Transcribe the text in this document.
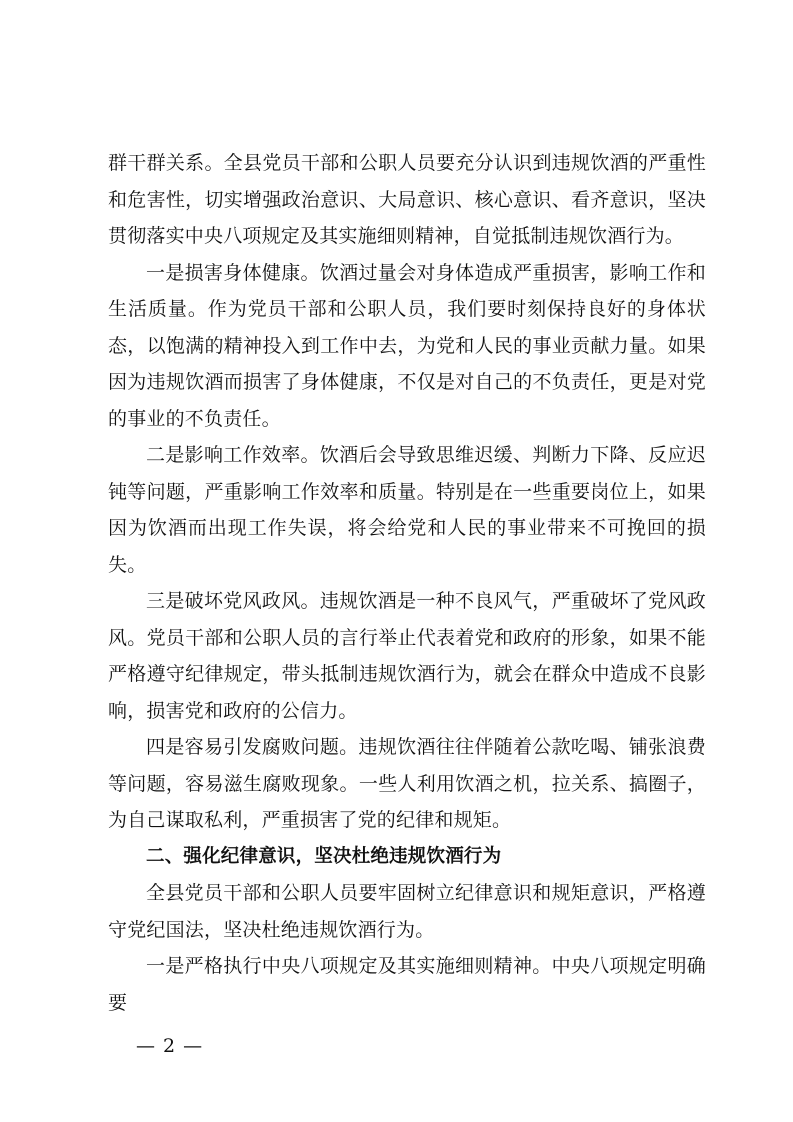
群干群关系。全县党员干部和公职人员要充分认识到违规饮酒的严重性和危害性，切实增强政治意识、大局意识、核心意识、看齐意识，坚决贯彻落实中央八项规定及其实施细则精神，自觉抵制违规饮酒行为。

一是损害身体健康。饮酒过量会对身体造成严重损害，影响工作和生活质量。作为党员干部和公职人员，我们要时刻保持良好的身体状态，以饱满的精神投入到工作中去，为党和人民的事业贡献力量。如果因为违规饮酒而损害了身体健康，不仅是对自己的不负责任，更是对党的事业的不负责任。

二是影响工作效率。饮酒后会导致思维迟缓、判断力下降、反应迟钝等问题，严重影响工作效率和质量。特别是在一些重要岗位上，如果因为饮酒而出现工作失误，将会给党和人民的事业带来不可挽回的损失。

三是破坏党风政风。违规饮酒是一种不良风气，严重破坏了党风政风。党员干部和公职人员的言行举止代表着党和政府的形象，如果不能严格遵守纪律规定，带头抵制违规饮酒行为，就会在群众中造成不良影响，损害党和政府的公信力。

四是容易引发腐败问题。违规饮酒往往伴随着公款吃喝、铺张浪费等问题，容易滋生腐败现象。一些人利用饮酒之机，拉关系、搞圈子，为自己谋取私利，严重损害了党的纪律和规矩。

二、强化纪律意识，坚决杜绝违规饮酒行为

全县党员干部和公职人员要牢固树立纪律意识和规矩意识，严格遵守党纪国法，坚决杜绝违规饮酒行为。

一是严格执行中央八项规定及其实施细则精神。中央八项规定明确要

— 2 —
